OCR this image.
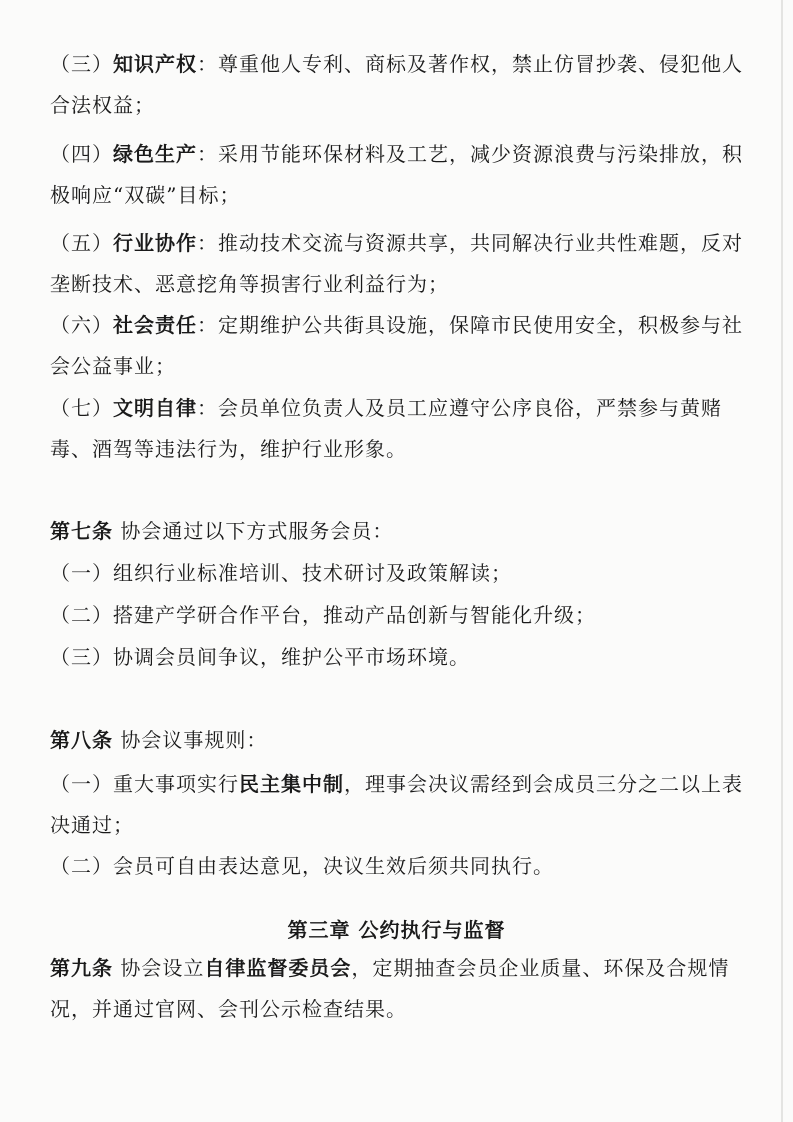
（三）知识产权：尊重他人专利、商标及著作权，禁止仿冒抄袭、侵犯他人合法权益；

（四）绿色生产：采用节能环保材料及工艺，减少资源浪费与污染排放，积极响应“双碳”目标；

（五）行业协作：推动技术交流与资源共享，共同解决行业共性难题，反对垄断技术、恶意挖角等损害行业利益行为；

（六）社会责任：定期维护公共街具设施，保障市民使用安全，积极参与社会公益事业；

（七）文明自律：会员单位负责人及员工应遵守公序良俗，严禁参与黄赌毒、酒驾等违法行为，维护行业形象。

第七条 协会通过以下方式服务会员：

（一）组织行业标准培训、技术研讨及政策解读；

（二）搭建产学研合作平台，推动产品创新与智能化升级；

（三）协调会员间争议，维护公平市场环境。

第八条 协会议事规则：

（一）重大事项实行民主集中制，理事会决议需经到会成员三分之二以上表决通过；

（二）会员可自由表达意见，决议生效后须共同执行。

第三章 公约执行与监督

第九条 协会设立自律监督委员会，定期抽查会员企业质量、环保及合规情况，并通过官网、会刊公示检查结果。
